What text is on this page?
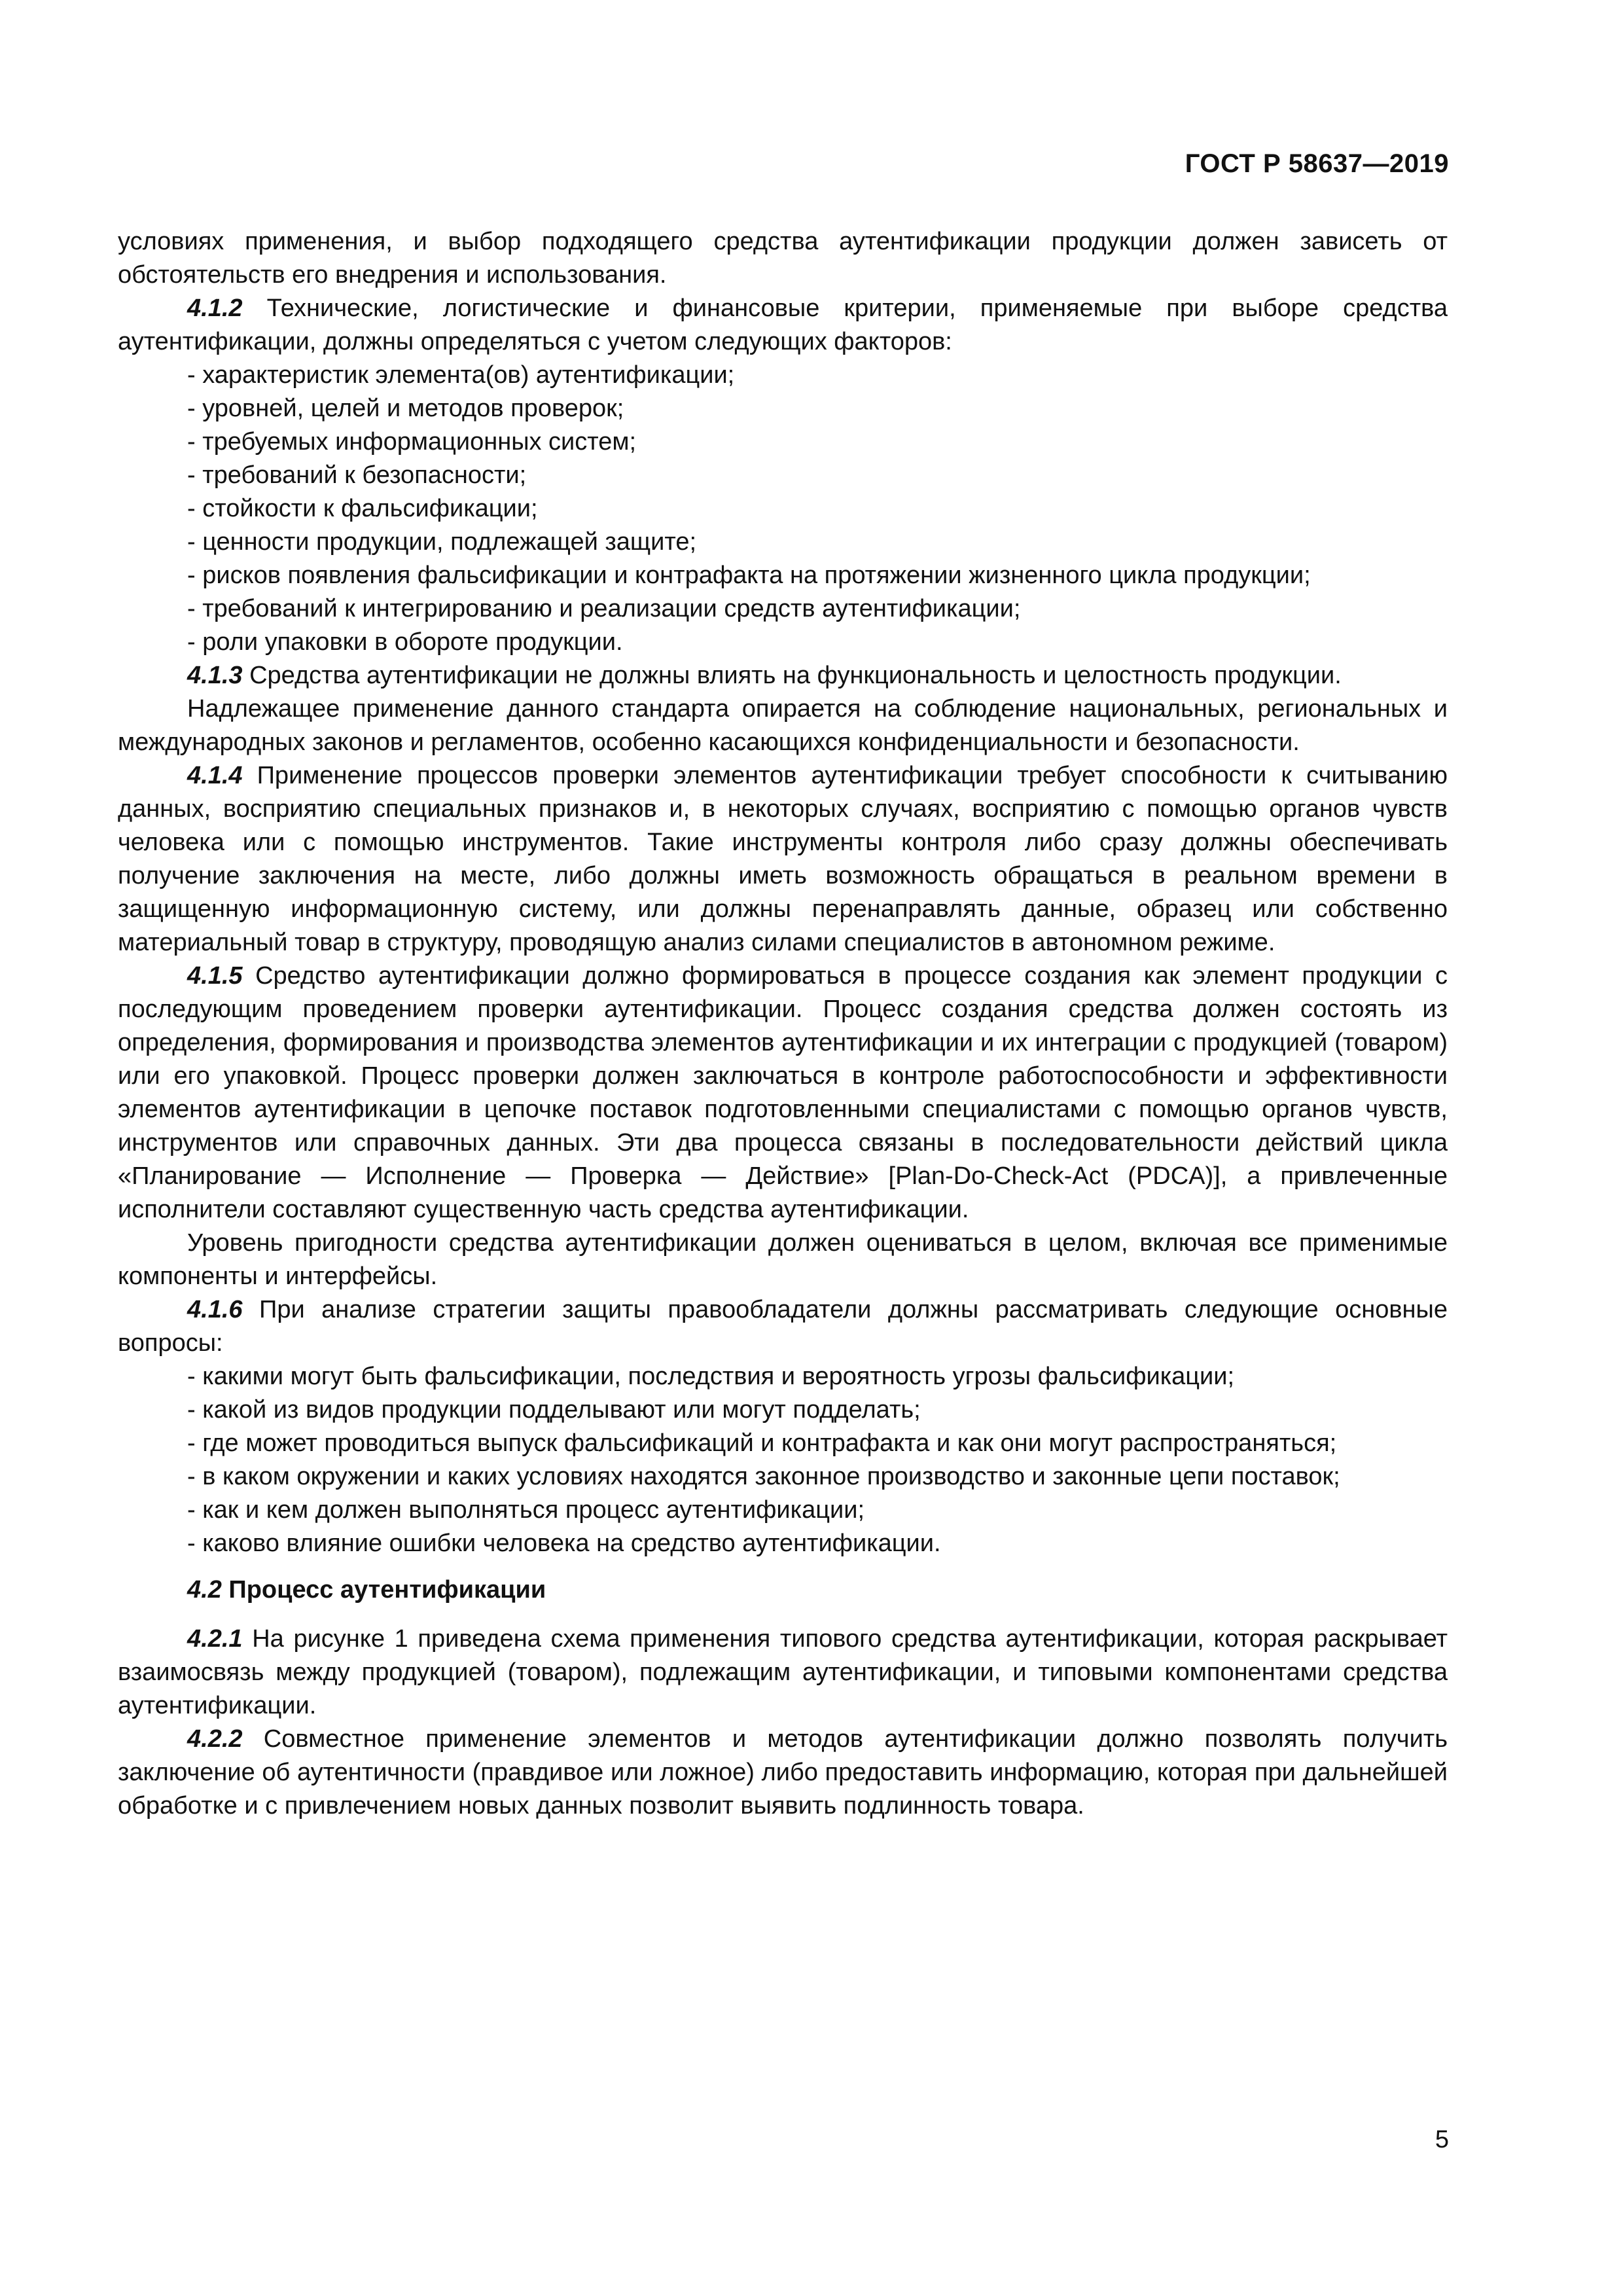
ГОСТ Р 58637—2019

условиях применения, и выбор подходящего средства аутентификации продукции должен зависеть от обстоятельств его внедрения и использования.

4.1.2 Технические, логистические и финансовые критерии, применяемые при выборе средства аутентификации, должны определяться с учетом следующих факторов:

- характеристик элемента(ов) аутентификации;
- уровней, целей и методов проверок;
- требуемых информационных систем;
- требований к безопасности;
- стойкости к фальсификации;
- ценности продукции, подлежащей защите;
- рисков появления фальсификации и контрафакта на протяжении жизненного цикла продукции;
- требований к интегрированию и реализации средств аутентификации;
- роли упаковки в обороте продукции.

4.1.3 Средства аутентификации не должны влиять на функциональность и целостность продукции.

Надлежащее применение данного стандарта опирается на соблюдение национальных, региональных и международных законов и регламентов, особенно касающихся конфиденциальности и безопасности.

4.1.4 Применение процессов проверки элементов аутентификации требует способности к считыванию данных, восприятию специальных признаков и, в некоторых случаях, восприятию с помощью органов чувств человека или с помощью инструментов. Такие инструменты контроля либо сразу должны обеспечивать получение заключения на месте, либо должны иметь возможность обращаться в реальном времени в защищенную информационную систему, или должны перенаправлять данные, образец или собственно материальный товар в структуру, проводящую анализ силами специалистов в автономном режиме.

4.1.5 Средство аутентификации должно формироваться в процессе создания как элемент продукции с последующим проведением проверки аутентификации. Процесс создания средства должен состоять из определения, формирования и производства элементов аутентификации и их интеграции с продукцией (товаром) или его упаковкой. Процесс проверки должен заключаться в контроле работоспособности и эффективности элементов аутентификации в цепочке поставок подготовленными специалистами с помощью органов чувств, инструментов или справочных данных. Эти два процесса связаны в последовательности действий цикла «Планирование — Исполнение — Проверка — Действие» [Plan-Do-Check-Act (PDCA)], а привлеченные исполнители составляют существенную часть средства аутентификации.

Уровень пригодности средства аутентификации должен оцениваться в целом, включая все применимые компоненты и интерфейсы.

4.1.6 При анализе стратегии защиты правообладатели должны рассматривать следующие основные вопросы:

- какими могут быть фальсификации, последствия и вероятность угрозы фальсификации;
- какой из видов продукции подделывают или могут подделать;
- где может проводиться выпуск фальсификаций и контрафакта и как они могут распространяться;
- в каком окружении и каких условиях находятся законное производство и законные цепи поставок;
- как и кем должен выполняться процесс аутентификации;
- каково влияние ошибки человека на средство аутентификации.

4.2 Процесс аутентификации

4.2.1 На рисунке 1 приведена схема применения типового средства аутентификации, которая раскрывает взаимосвязь между продукцией (товаром), подлежащим аутентификации, и типовыми компонентами средства аутентификации.

4.2.2 Совместное применение элементов и методов аутентификации должно позволять получить заключение об аутентичности (правдивое или ложное) либо предоставить информацию, которая при дальнейшей обработке и с привлечением новых данных позволит выявить подлинность товара.

5
